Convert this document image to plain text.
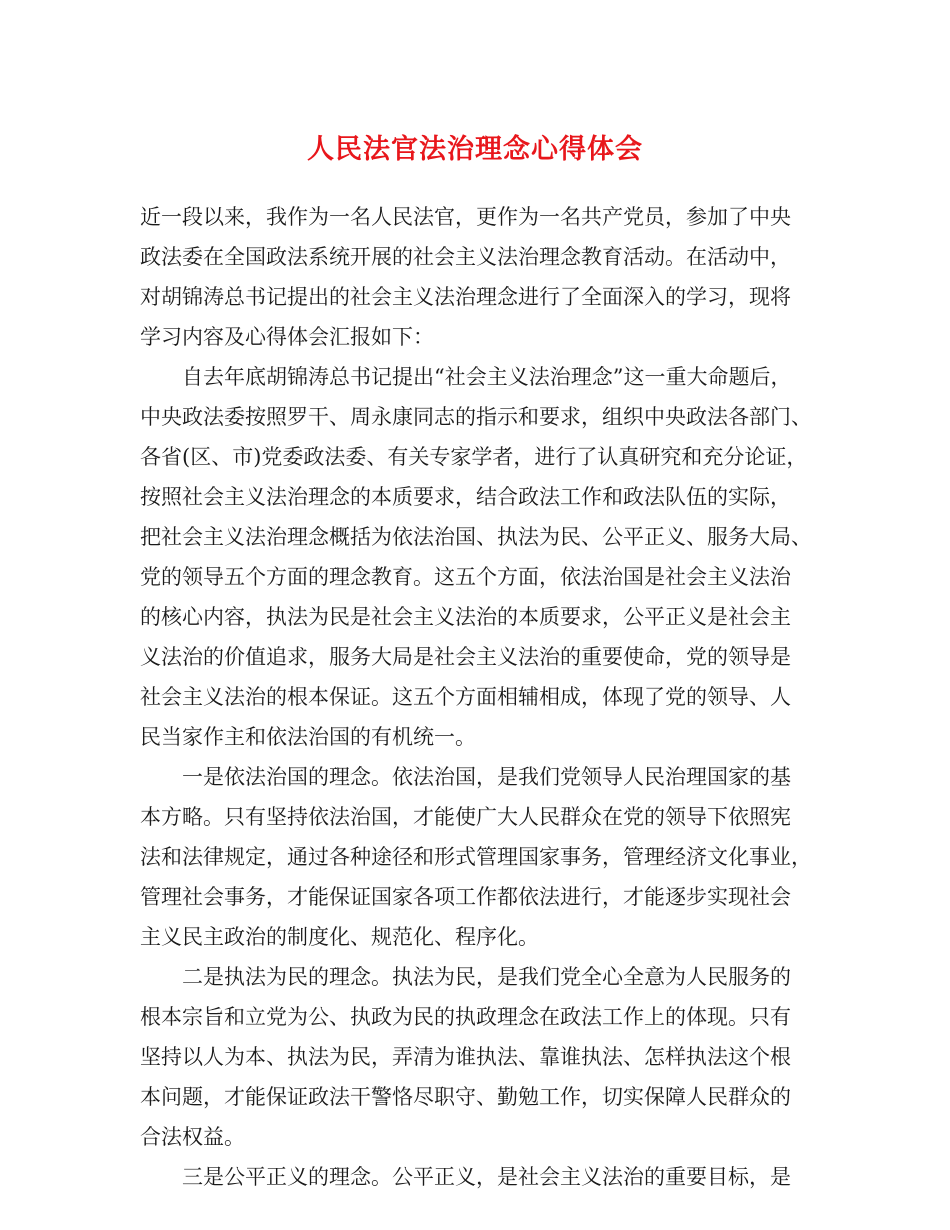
人民法官法治理念心得体会
近一段以来，我作为一名人民法官，更作为一名共产党员，参加了中央
政法委在全国政法系统开展的社会主义法治理念教育活动。在活动中，
对胡锦涛总书记提出的社会主义法治理念进行了全面深入的学习，现将
学习内容及心得体会汇报如下：
自去年底胡锦涛总书记提出“社会主义法治理念”这一重大命题后，
中央政法委按照罗干、周永康同志的指示和要求，组织中央政法各部门、
各省(区、市)党委政法委、有关专家学者，进行了认真研究和充分论证，
按照社会主义法治理念的本质要求，结合政法工作和政法队伍的实际，
把社会主义法治理念概括为依法治国、执法为民、公平正义、服务大局、
党的领导五个方面的理念教育。这五个方面，依法治国是社会主义法治
的核心内容，执法为民是社会主义法治的本质要求，公平正义是社会主
义法治的价值追求，服务大局是社会主义法治的重要使命，党的领导是
社会主义法治的根本保证。这五个方面相辅相成，体现了党的领导、人
民当家作主和依法治国的有机统一。
一是依法治国的理念。依法治国，是我们党领导人民治理国家的基
本方略。只有坚持依法治国，才能使广大人民群众在党的领导下依照宪
法和法律规定，通过各种途径和形式管理国家事务，管理经济文化事业，
管理社会事务，才能保证国家各项工作都依法进行，才能逐步实现社会
主义民主政治的制度化、规范化、程序化。
二是执法为民的理念。执法为民，是我们党全心全意为人民服务的
根本宗旨和立党为公、执政为民的执政理念在政法工作上的体现。只有
坚持以人为本、执法为民，弄清为谁执法、靠谁执法、怎样执法这个根
本问题，才能保证政法干警恪尽职守、勤勉工作，切实保障人民群众的
合法权益。
三是公平正义的理念。公平正义，是社会主义法治的重要目标，是
